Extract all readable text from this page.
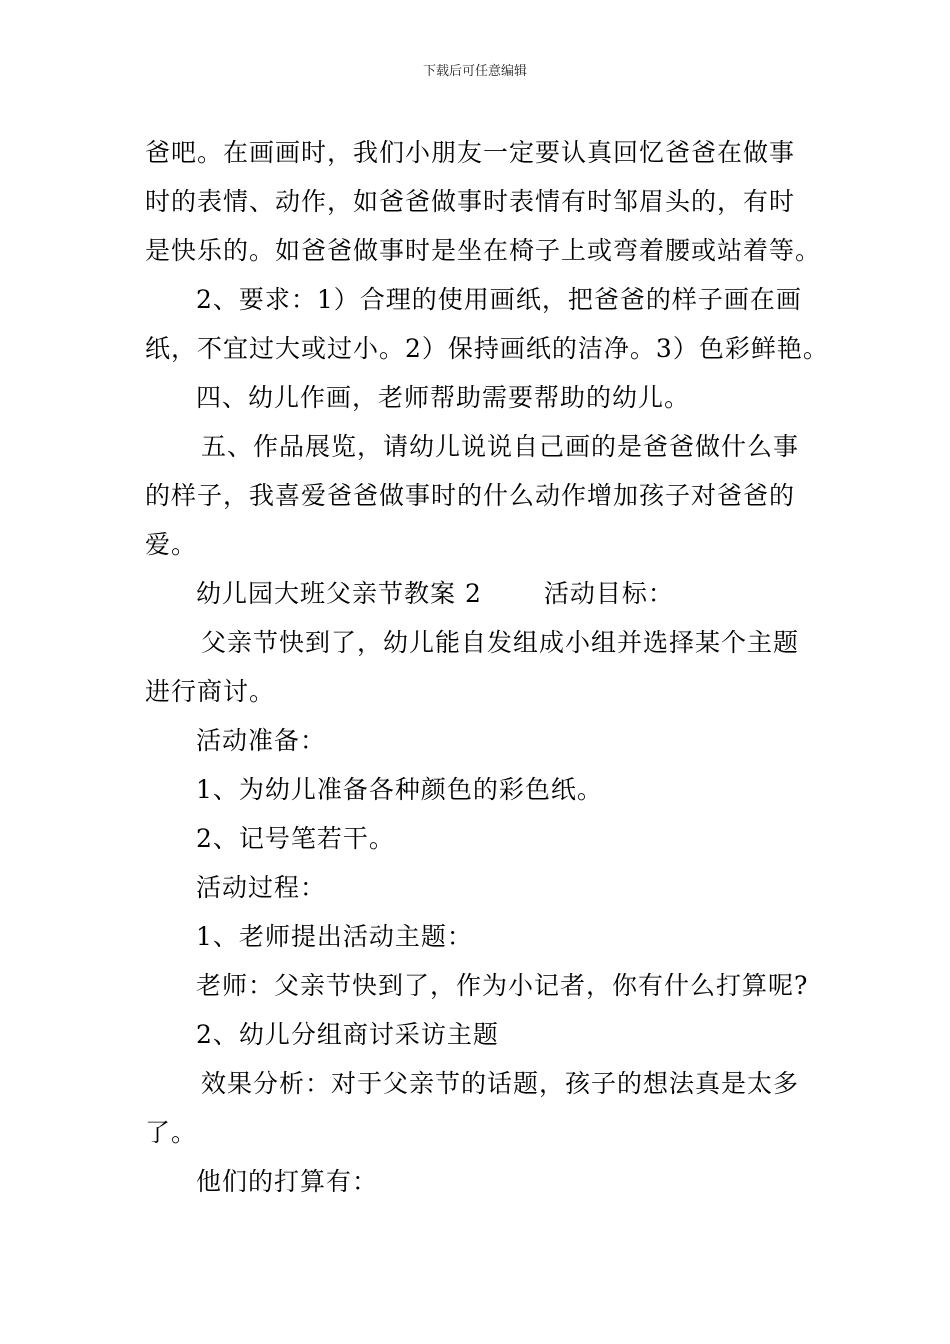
下载后可任意编辑

爸吧。在画画时，我们小朋友一定要认真回忆爸爸在做事

时的表情、动作，如爸爸做事时表情有时邹眉头的，有时

是快乐的。如爸爸做事时是坐在椅子上或弯着腰或站着等。

2、要求：1）合理的使用画纸，把爸爸的样子画在画

纸，不宜过大或过小。2）保持画纸的洁净。3）色彩鲜艳。

四、幼儿作画，老师帮助需要帮助的幼儿。

五、作品展览，请幼儿说说自己画的是爸爸做什么事

的样子，我喜爱爸爸做事时的什么动作增加孩子对爸爸的

爱。

幼儿园大班父亲节教案 2 活动目标：

父亲节快到了，幼儿能自发组成小组并选择某个主题

进行商讨。

活动准备：

1、为幼儿准备各种颜色的彩色纸。

2、记号笔若干。

活动过程：

1、老师提出活动主题：

老师：父亲节快到了，作为小记者，你有什么打算呢?

2、幼儿分组商讨采访主题

效果分析：对于父亲节的话题，孩子的想法真是太多

了。

他们的打算有：
